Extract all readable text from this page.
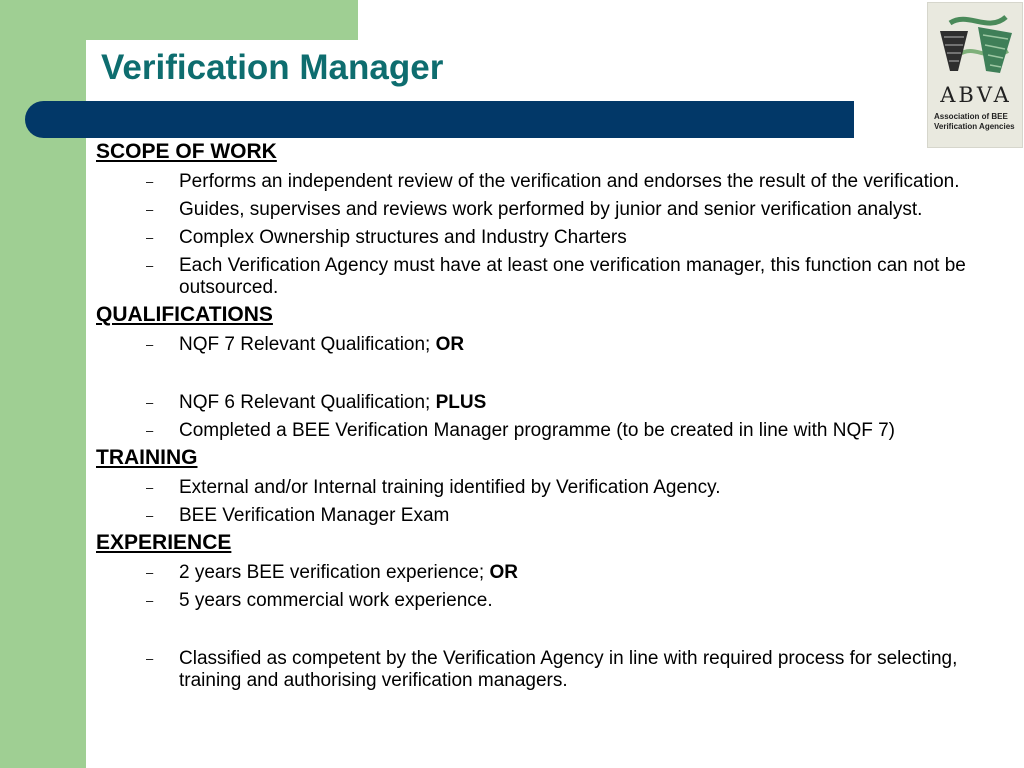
Verification Manager
ABVA
Association of BEE
Verification Agencies
SCOPE OF WORK
– Performs an independent review of the verification and endorses the result of the verification.
– Guides, supervises and reviews work performed by junior and senior verification analyst.
– Complex Ownership structures and Industry Charters
– Each Verification Agency must have at least one verification manager, this function can not be outsourced.
QUALIFICATIONS
– NQF 7 Relevant Qualification; OR
– NQF 6 Relevant Qualification; PLUS
– Completed a BEE Verification Manager programme (to be created in line with NQF 7)
TRAINING
– External and/or Internal training identified by Verification Agency.
– BEE Verification Manager Exam
EXPERIENCE
– 2 years BEE verification experience; OR
– 5 years commercial work experience.
– Classified as competent by the Verification Agency in line with required process for selecting, training and authorising verification managers.
